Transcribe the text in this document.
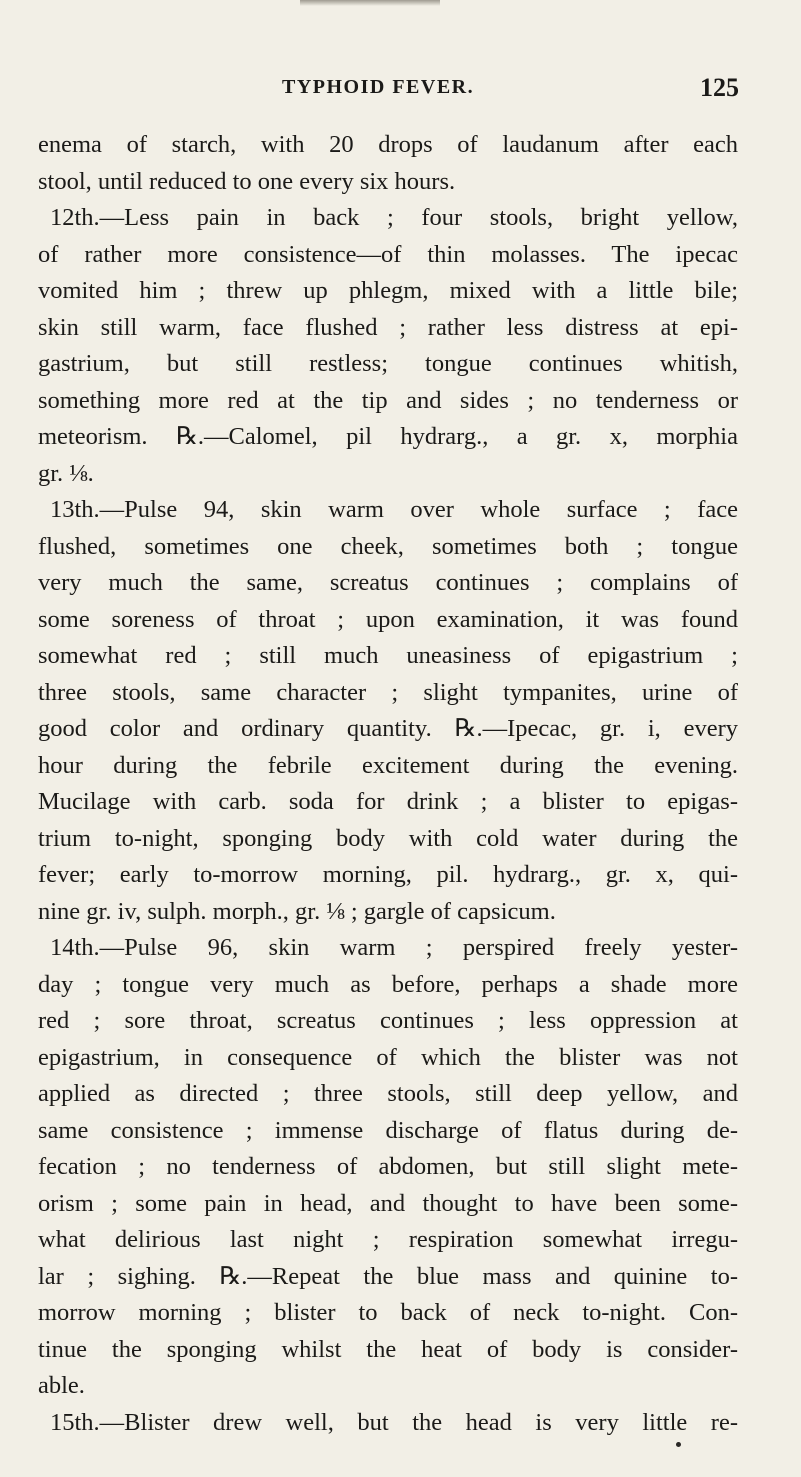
TYPHOID FEVER.	125
enema of starch, with 20 drops of laudanum after each
stool, until reduced to one every six hours.
12th.—Less pain in back ; four stools, bright yellow,
of rather more consistence—of thin molasses. The ipecac
vomited him ; threw up phlegm, mixed with a little bile;
skin still warm, face flushed ; rather less distress at epi-
gastrium, but still restless; tongue continues whitish,
something more red at the tip and sides ; no tenderness or
meteorism. ℞.—Calomel, pil hydrarg., a gr. x, morphia
gr. ⅛.
13th.—Pulse 94, skin warm over whole surface ; face
flushed, sometimes one cheek, sometimes both ; tongue
very much the same, screatus continues ; complains of
some soreness of throat ; upon examination, it was found
somewhat red ; still much uneasiness of epigastrium ;
three stools, same character ; slight tympanites, urine of
good color and ordinary quantity. ℞.—Ipecac, gr. i, every
hour during the febrile excitement during the evening.
Mucilage with carb. soda for drink ; a blister to epigas-
trium to-night, sponging body with cold water during the
fever; early to-morrow morning, pil. hydrarg., gr. x, qui-
nine gr. iv, sulph. morph., gr. ⅛ ; gargle of capsicum.
14th.—Pulse 96, skin warm ; perspired freely yester-
day ; tongue very much as before, perhaps a shade more
red ; sore throat, screatus continues ; less oppression at
epigastrium, in consequence of which the blister was not
applied as directed ; three stools, still deep yellow, and
same consistence ; immense discharge of flatus during de-
fecation ; no tenderness of abdomen, but still slight mete-
orism ; some pain in head, and thought to have been some-
what delirious last night ; respiration somewhat irregu-
lar ; sighing. ℞.—Repeat the blue mass and quinine to-
morrow morning ; blister to back of neck to-night. Con-
tinue the sponging whilst the heat of body is consider-
able.
15th.—Blister drew well, but the head is very little re-
